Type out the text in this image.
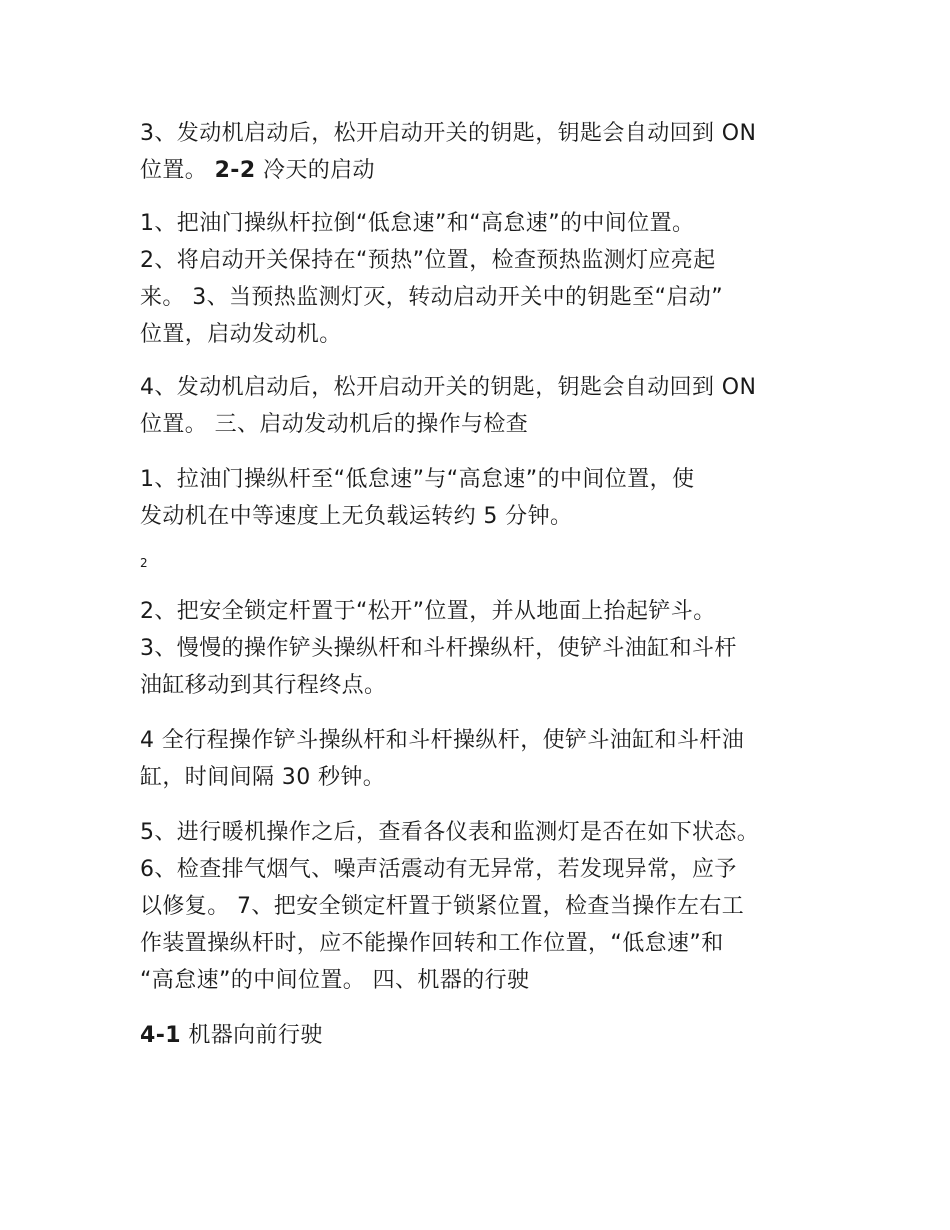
3、发动机启动后，松开启动开关的钥匙，钥匙会自动回到 ON

位置。 2-2 冷天的启动

1、把油门操纵杆拉倒“低怠速”和“高怠速”的中间位置。

2、将启动开关保持在“预热”位置，检查预热监测灯应亮起

来。 3、当预热监测灯灭，转动启动开关中的钥匙至“启动”

位置，启动发动机。

4、发动机启动后，松开启动开关的钥匙，钥匙会自动回到 ON

位置。 三、启动发动机后的操作与检查

1、拉油门操纵杆至“低怠速”与“高怠速”的中间位置，使

发动机在中等速度上无负载运转约 5 分钟。

2

2、把安全锁定杆置于“松开”位置，并从地面上抬起铲斗。

3、慢慢的操作铲头操纵杆和斗杆操纵杆，使铲斗油缸和斗杆

油缸移动到其行程终点。

4 全行程操作铲斗操纵杆和斗杆操纵杆，使铲斗油缸和斗杆油

缸，时间间隔 30 秒钟。

5、进行暖机操作之后，查看各仪表和监测灯是否在如下状态。

6、检查排气烟气、噪声活震动有无异常，若发现异常，应予

以修复。 7、把安全锁定杆置于锁紧位置，检查当操作左右工

作装置操纵杆时，应不能操作回转和工作位置，“低怠速”和

“高怠速”的中间位置。 四、机器的行驶

4-1 机器向前行驶
